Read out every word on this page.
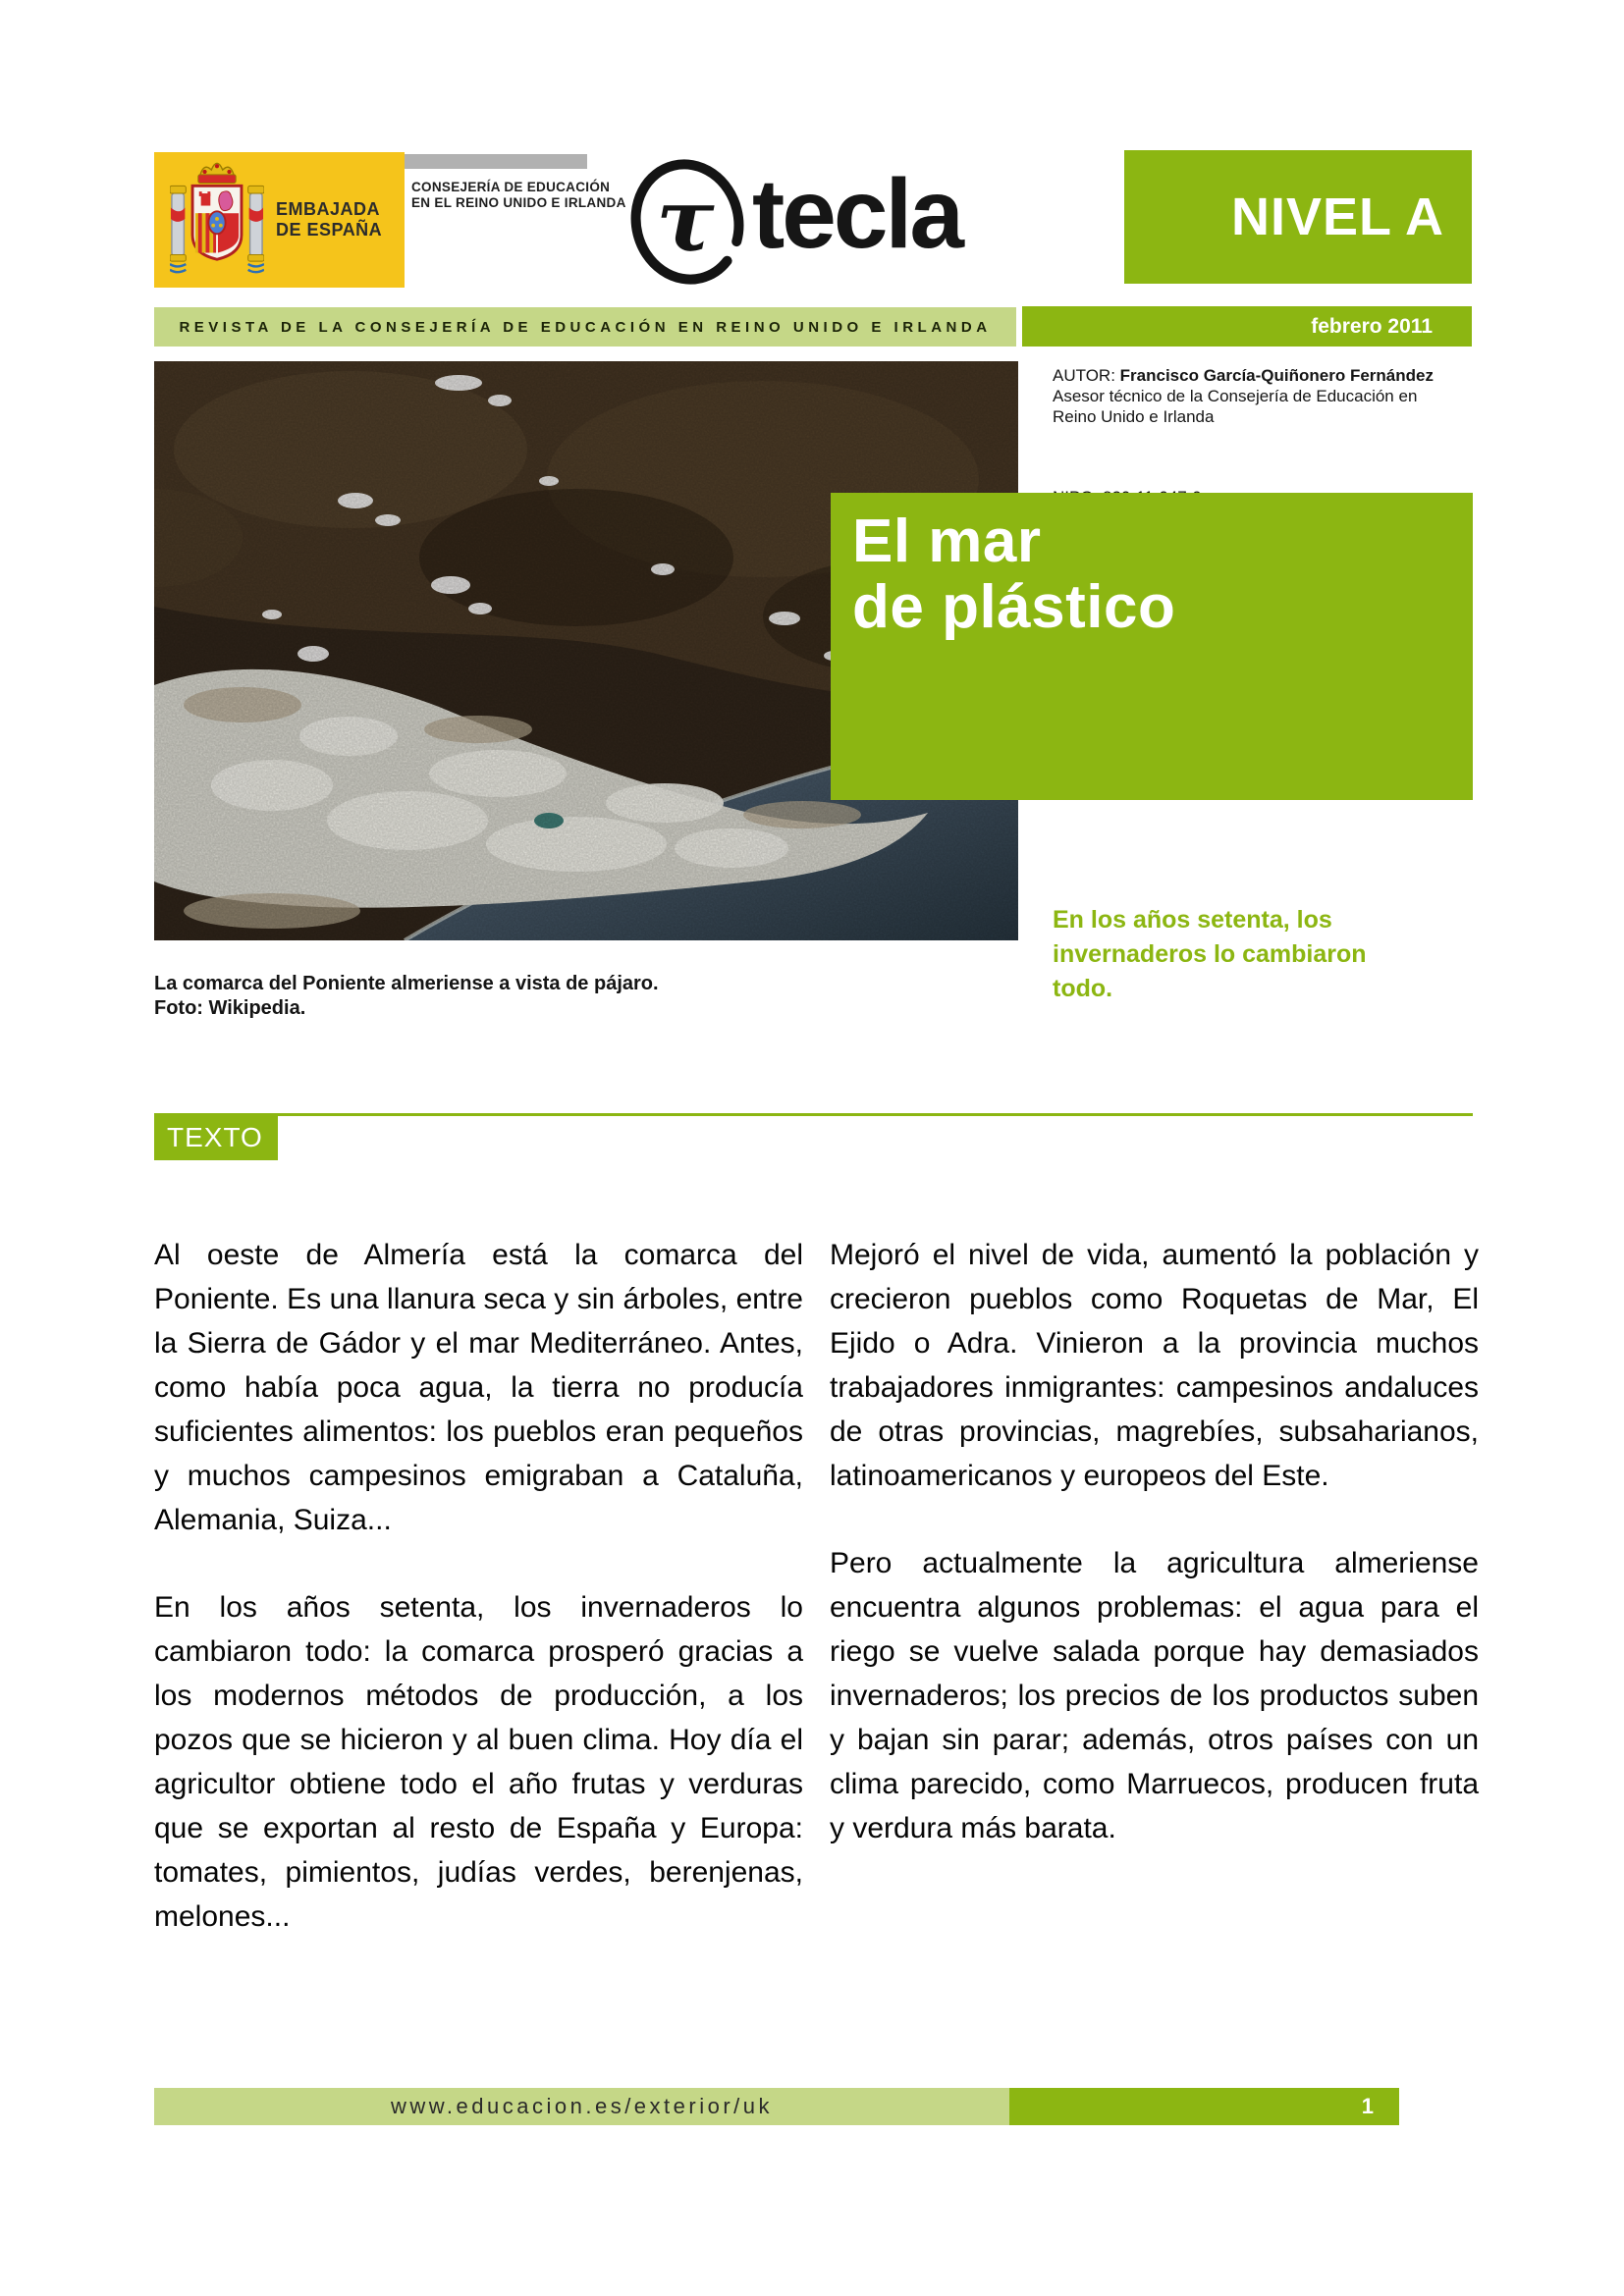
EMBAJADA
DE ESPAÑA
CONSEJERÍA DE EDUCACIÓN
EN EL REINO UNIDO E IRLANDA τ tecla	NIVEL A
REVISTA DE LA CONSEJERÍA DE EDUCACIÓN EN REINO UNIDO E IRLANDA	febrero 2011
AUTOR: Francisco García-Quiñonero Fernández
Asesor técnico de la Consejería de Educación en
Reino Unido e Irlanda
El mar
de plástico
En los años setenta, los invernaderos lo cambiaron todo.
La comarca del Poniente almeriense a vista de pájaro.
Foto: Wikipedia.
TEXTO

Al oeste de Almería está la comarca del Poniente. Es una llanura seca y sin árboles, entre la Sierra de Gádor y el mar Mediterráneo. Antes, como había poca agua, la tierra no producía suficientes alimentos: los pueblos eran pequeños y muchos campesinos emigraban a Cataluña, Alemania, Suiza...

En los años setenta, los invernaderos lo cambiaron todo: la comarca prosperó gracias a los modernos métodos de producción, a los pozos que se hicieron y al buen clima. Hoy día el agricultor obtiene todo el año frutas y verduras que se exportan al resto de España y Europa: tomates, pimientos, judías verdes, berenjenas, melones...

Mejoró el nivel de vida, aumentó la población y crecieron pueblos como Roquetas de Mar, El Ejido o Adra. Vinieron a la provincia muchos trabajadores inmigrantes: campesinos andaluces de otras provincias, magrebíes, subsaharianos, latinoamericanos y europeos del Este.

Pero actualmente la agricultura almeriense encuentra algunos problemas: el agua para el riego se vuelve salada porque hay demasiados invernaderos; los precios de los productos suben y bajan sin parar; además, otros países con un clima parecido, como Marruecos, producen fruta y verdura más barata.

www.educacion.es/exterior/uk	1
